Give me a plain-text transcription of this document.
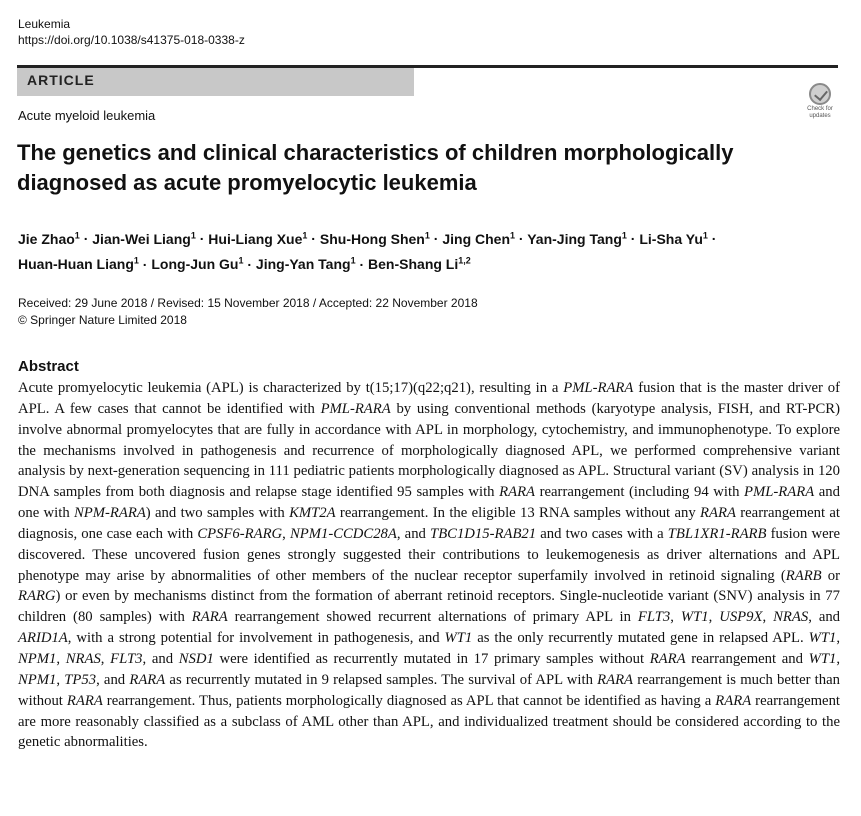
Leukemia
https://doi.org/10.1038/s41375-018-0338-z
ARTICLE
Check for
updates
Acute myeloid leukemia
The genetics and clinical characteristics of children morphologically diagnosed as acute promyelocytic leukemia
Jie Zhao$^1$ · Jian-Wei Liang$^1$ · Hui-Liang Xue$^1$ · Shu-Hong Shen$^1$ · Jing Chen$^1$ · Yan-Jing Tang$^1$ · Li-Sha $Yu^1$ ·
Huan-Huan Liang$^1$ · Long-Jun $Gu^1$ · Jing-Yan Tang$^1$ · Ben-Shang Li$^{1,2}$
Received: 29 June 2018 / Revised: 15 November 2018 / Accepted: 22 November 2018
© Springer Nature Limited 2018
Abstract
Acute promyelocytic leukemia (APL) is characterized by t(15;17)(q22;q21), resulting in a PML-RARA fusion that is the master driver of APL. A few cases that cannot be identified with PML-RARA by using conventional methods (karyotype analysis, FISH, and RT-PCR) involve abnormal promyelocytes that are fully in accordance with APL in morphology, cytochemistry, and immunophenotype. To explore the mechanisms involved in pathogenesis and recurrence of morphologically diagnosed APL, we performed comprehensive variant analysis by next-generation sequencing in 111 pediatric patients morphologically diagnosed as APL. Structural variant (SV) analysis in 120 DNA samples from both diagnosis and relapse stage identified 95 samples with RARA rearrangement (including 94 with PML-RARA and one with NPM-RARA) and two samples with KMT2A rearrangement. In the eligible 13 RNA samples without any RARA rearrangement at diagnosis, one case each with CPSF6-RARG, NPM1-CCDC28A, and TBC1D15-RAB21 and two cases with a TBL1XR1-RARB fusion were discovered. These uncovered fusion genes strongly suggested their contributions to leukemogenesis as driver alternations and APL phenotype may arise by abnormalities of other members of the nuclear receptor superfamily involved in retinoid signaling (RARB or RARG) or even by mechanisms distinct from the formation of aberrant retinoid receptors. Single-nucleotide variant (SNV) analysis in 77 children (80 samples) with RARA rearrangement showed recurrent alternations of primary APL in FLT3, WT1, USP9X, NRAS, and ARID1A, with a strong potential for involvement in pathogenesis, and WT1 as the only recurrently mutated gene in relapsed APL. WT1, NPM1, NRAS, FLT3, and NSD1 were identified as recurrently mutated in 17 primary samples without RARA rearrangement and WT1, NPM1, TP53, and RARA as recurrently mutated in 9 relapsed samples. The survival of APL with RARA rearrangement is much better than without RARA rearrangement. Thus, patients morphologically diagnosed as APL that cannot be identified as having a RARA rearrangement are more reasonably classified as a subclass of AML other than APL, and individualized treatment should be considered according to the genetic abnormalities.
